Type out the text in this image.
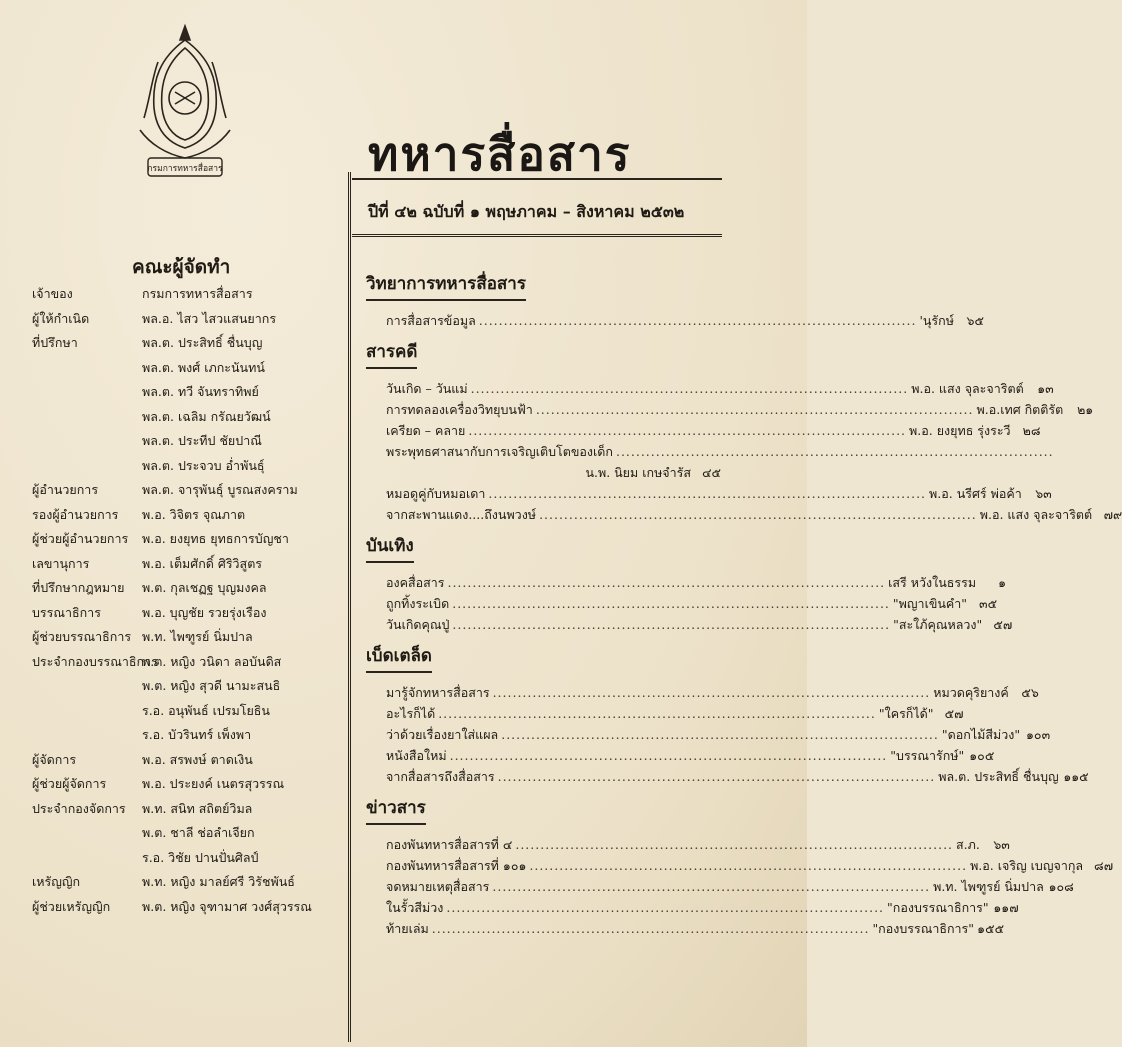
กรมการทหารสื่อสาร	ทหารสื่อสาร
ปีที่ ๔๒ ฉบับที่ ๑ พฤษภาคม – สิงหาคม ๒๕๓๒
คณะผู้จัดทำ
เจ้าของ	กรมการทหารสื่อสาร
ผู้ให้กำเนิด	พล.อ. ไสว ไสวแสนยากร
ที่ปรึกษา	พล.ต. ประสิทธิ์ ชื่นบุญ
พล.ต. พงศ์ เภกะนันทน์
พล.ต. ทวี จันทราทิพย์
พล.ต. เฉลิม กรัณยวัฒน์
พล.ต. ประทีป ชัยปาณี
พล.ต. ประจวบ อ่ำพันธุ์
ผู้อำนวยการ	พล.ต. จารุพันธุ์ บูรณสงคราม
รองผู้อำนวยการ	พ.อ. วิจิตร จุณภาต
ผู้ช่วยผู้อำนวยการ	พ.อ. ยงยุทธ ยุทธการบัญชา
เลขานุการ	พ.อ. เต็มศักดิ์ ศิริวิสูตร
ที่ปรึกษากฎหมาย	พ.ต. กุลเชฏฐ บุญมงคล
บรรณาธิการ	พ.อ. บุญชัย รวยรุ่งเรือง
ผู้ช่วยบรรณาธิการ พ.ท. ไพฑูรย์ นิ่มปาล
ประจำกองบรรณาธิการ
พ.ต. หญิง วนิดา ลอบันดิส
พ.ต. หญิง สุวดี นามะสนธิ
ร.อ. อนุพันธ์ เปรมโยธิน
ร.อ. บัวรินทร์ เพ็งพา
ผู้จัดการ	พ.อ. สรพงษ์ ตาดเงิน
ผู้ช่วยผู้จัดการ	พ.อ. ประยงค์ เนตรสุวรรณ
ประจำกองจัดการ	พ.ท. สนิท สถิตย์วิมล
พ.ต. ชาลี ช่อลำเจียก
ร.อ. วิชัย ปานปั่นศิลป์
เหรัญญิก	พ.ท. หญิง มาลย์ศรี วิรัชพันธ์
ผู้ช่วยเหรัญญิก	พ.ต. หญิง จุฑามาศ วงศ์สุวรรณ
วิทยาการทหารสื่อสาร
การสื่อสารข้อมูล .....	'นุรักษ์	๖๕
สารคดี
วันเกิด – วันแม่ .....	พ.อ. แสง จุละจาริตต์	๑๓
การทดลองเครื่องวิทยุบนฟ้า .....	พ.อ.เทศ กิตติรัต	๒๑
เครียด – คลาย .....	พ.อ. ยงยุทธ รุ่งระวี ๒๘
พระพุทธศาสนากับการเจริญเติบโตของเด็ก
.....
น.พ. นิยม เกษจำรัส ๔๕
หมอดูคู่กับหมอเดา .....	พ.อ. นรีศร์ พ่อค้า	๖๓
จากสะพานแดง....ถึงนพวงษ์ .....	พ.อ. แสง จุละจาริตต์ ๗๙
บันเทิง
องคสื่อสาร .....	เสรี หวังในธรรม	๑
ถูกทิ้งระเบิด .....	"พญาเขินคำ" ๓๕
วันเกิดคุณปู่ .....	"สะใภ้คุณหลวง" ๕๗
เบ็ดเตล็ด
มารู้จักทหารสื่อสาร .....	หมวดคุริยางค์	๕๖
อะไรก็ได้ .....	"ใครก็ได้" ๕๗
ว่าด้วยเรื่องยาใส่แผล .....	"ดอกไม้สีม่วง" ๑๐๓
หนังสือใหม่ .....	"บรรณารักษ์" ๑๐๕
จากสื่อสารถึงสื่อสาร .....	พล.ต. ประสิทธิ์ ชื่นบุญ ๑๑๕
ข่าวสาร
กองพันทหารสื่อสารที่ ๔ .....	ส.ภ.	๖๓
กองพันทหารสื่อสารที่ ๑๐๑ .....	พ.อ. เจริญ เบญจากุล ๘๗
จดหมายเหตุสื่อสาร .....	พ.ท. ไพฑูรย์ นิ่มปาล ๑๐๘
ในรั้วสีม่วง .....	"กองบรรณาธิการ" ๑๑๗
ท้ายเล่ม .....	"กองบรรณาธิการ" ๑๕๕
